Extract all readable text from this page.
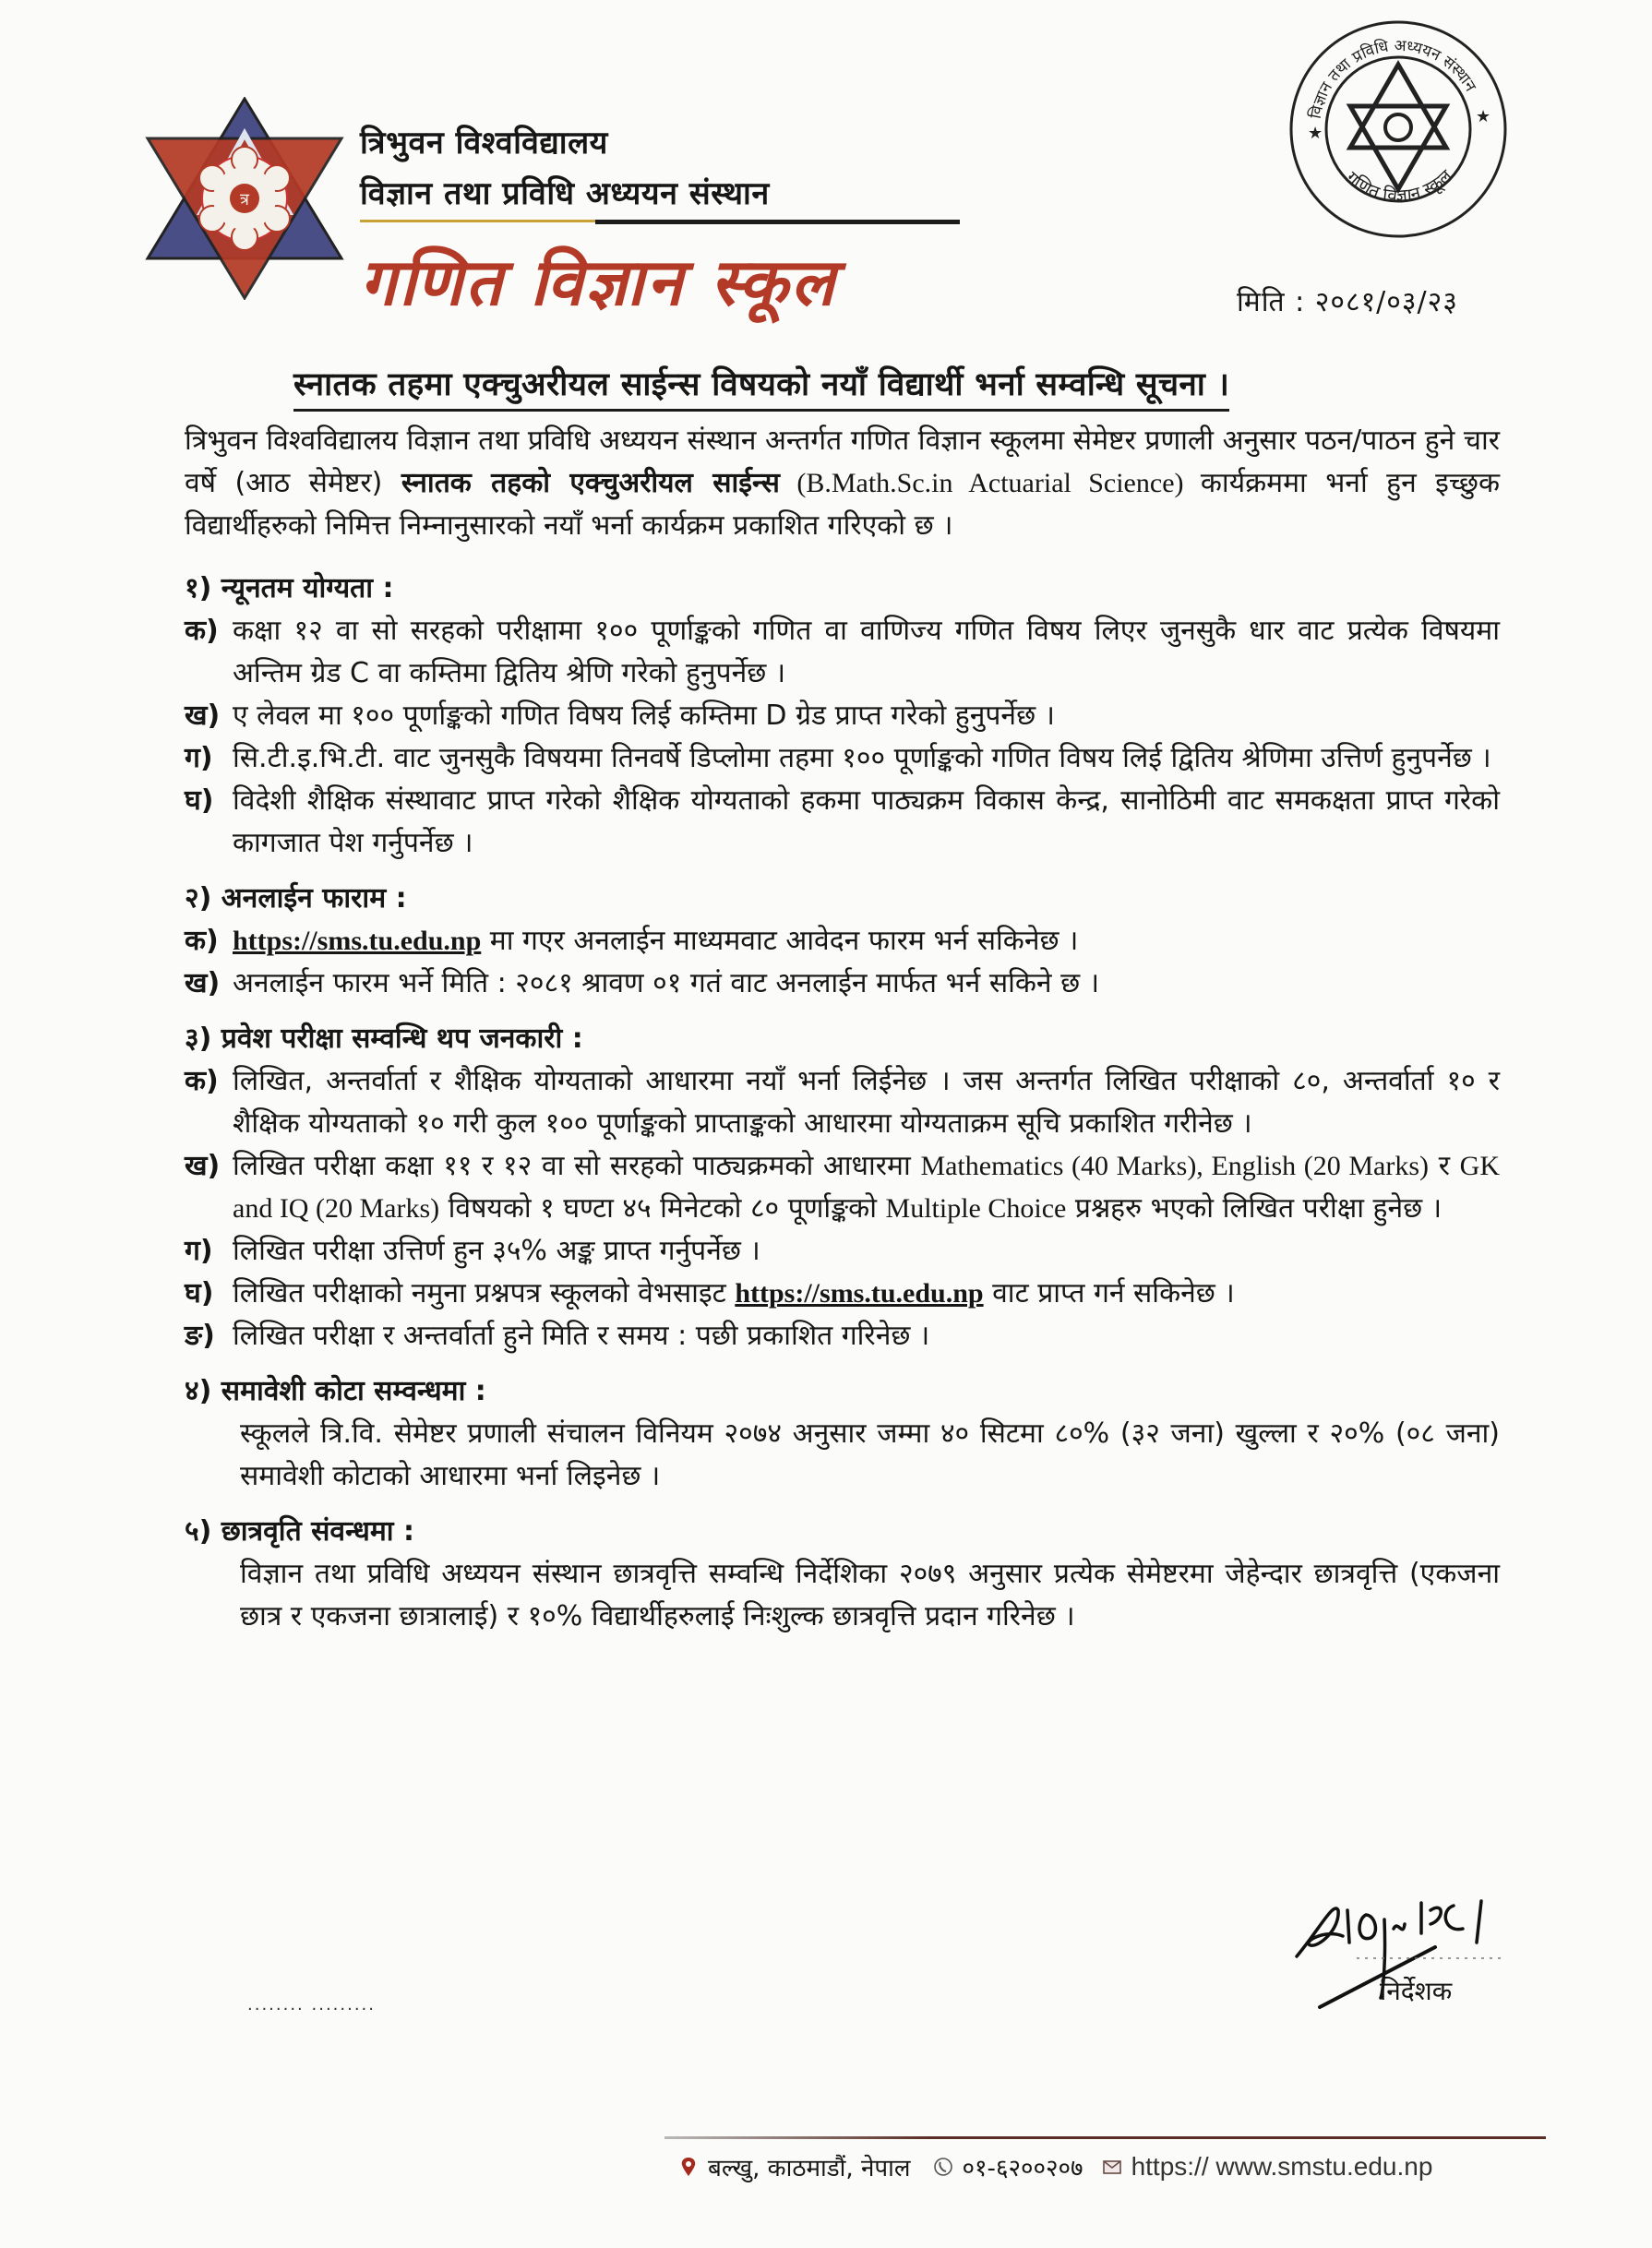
त्र
त्रिभुवन विश्वविद्यालय
विज्ञान तथा प्रविधि अध्ययन संस्थान
गणित विज्ञान स्कूल
★
★
विज्ञान तथा प्रविधि अध्ययन संस्थान
गणित विज्ञान स्कूल
मिति : २०८१/०३/२३
स्नातक तहमा एक्चुअरीयल साईन्स विषयको नयाँ विद्यार्थी भर्ना सम्वन्धि सूचना ।

त्रिभुवन विश्वविद्यालय विज्ञान तथा प्रविधि अध्ययन संस्थान अन्तर्गत गणित विज्ञान स्कूलमा सेमेष्टर प्रणाली अनुसार पठन/पाठन हुने चार वर्षे (आठ सेमेष्टर) स्नातक तहको एक्चुअरीयल साईन्स (B.Math.Sc.in Actuarial Science) कार्यक्रममा भर्ना हुन इच्छुक विद्यार्थीहरुको निमित्त निम्नानुसारको नयाँ भर्ना कार्यक्रम प्रकाशित गरिएको छ ।

१) न्यूनतम योग्यता :

क) कक्षा १२ वा सो सरहको परीक्षामा १०० पूर्णाङ्कको गणित वा वाणिज्य गणित विषय लिएर जुनसुकै धार वाट प्रत्येक विषयमा अन्तिम ग्रेड C वा कम्तिमा द्वितिय श्रेणि गरेको हुनुपर्नेछ ।
ख) ए लेवल मा १०० पूर्णाङ्कको गणित विषय लिई कम्तिमा D ग्रेड प्राप्त गरेको हुनुपर्नेछ ।
ग) सि.टी.इ.भि.टी. वाट जुनसुकै विषयमा तिनवर्षे डिप्लोमा तहमा १०० पूर्णाङ्कको गणित विषय लिई द्वितिय श्रेणिमा उत्तिर्ण हुनुपर्नेछ ।
घ) विदेशी शैक्षिक संस्थावाट प्राप्त गरेको शैक्षिक योग्यताको हकमा पाठ्यक्रम विकास केन्द्र, सानोठिमी वाट समकक्षता प्राप्त गरेको कागजात पेश गर्नुपर्नेछ ।

२) अनलाईन फाराम :

क) https://sms.tu.edu.np मा गएर अनलाईन माध्यमवाट आवेदन फारम भर्न सकिनेछ ।
ख) अनलाईन फारम भर्ने मिति : २०८१ श्रावण ०१ गतं वाट अनलाईन मार्फत भर्न सकिने छ ।

३) प्रवेश परीक्षा सम्वन्धि थप जनकारी :

क) लिखित, अन्तर्वार्ता र शैक्षिक योग्यताको आधारमा नयाँ भर्ना लिईनेछ । जस अन्तर्गत लिखित परीक्षाको ८०, अन्तर्वार्ता १० र शैक्षिक योग्यताको १० गरी कुल १०० पूर्णाङ्कको प्राप्ताङ्कको आधारमा योग्यताक्रम सूचि प्रकाशित गरीनेछ ।
ख) लिखित परीक्षा कक्षा ११ र १२ वा सो सरहको पाठ्यक्रमको आधारमा Mathematics (40 Marks), English (20 Marks) र GK and IQ (20 Marks) विषयको १ घण्टा ४५ मिनेटको ८० पूर्णाङ्कको Multiple Choice प्रश्नहरु भएको लिखित परीक्षा हुनेछ ।
ग) लिखित परीक्षा उत्तिर्ण हुन ३५% अङ्क प्राप्त गर्नुपर्नेछ ।
घ) लिखित परीक्षाको नमुना प्रश्नपत्र स्कूलको वेभसाइट https://sms.tu.edu.np वाट प्राप्त गर्न सकिनेछ ।
ङ) लिखित परीक्षा र अन्तर्वार्ता हुने मिति र समय : पछी प्रकाशित गरिनेछ ।

४) समावेशी कोटा सम्वन्धमा :

स्कूलले त्रि.वि. सेमेष्टर प्रणाली संचालन विनियम २०७४ अनुसार जम्मा ४० सिटमा ८०% (३२ जना) खुल्ला र २०% (०८ जना) समावेशी कोटाको आधारमा भर्ना लिइनेछ ।

५) छात्रवृति संवन्धमा :

विज्ञान तथा प्रविधि अध्ययन संस्थान छात्रवृत्ति सम्वन्धि निर्देशिका २०७९ अनुसार प्रत्येक सेमेष्टरमा जेहेन्दार छात्रवृत्ति (एकजना छात्र र एकजना छात्रालाई) र १०% विद्यार्थीहरुलाई निःशुल्क छात्रवृत्ति प्रदान गरिनेछ ।

निर्देशक
........ .........
बल्खु, काठमाडौं, नेपाल ०१-६२००२०७ https:// www.smstu.edu.np
